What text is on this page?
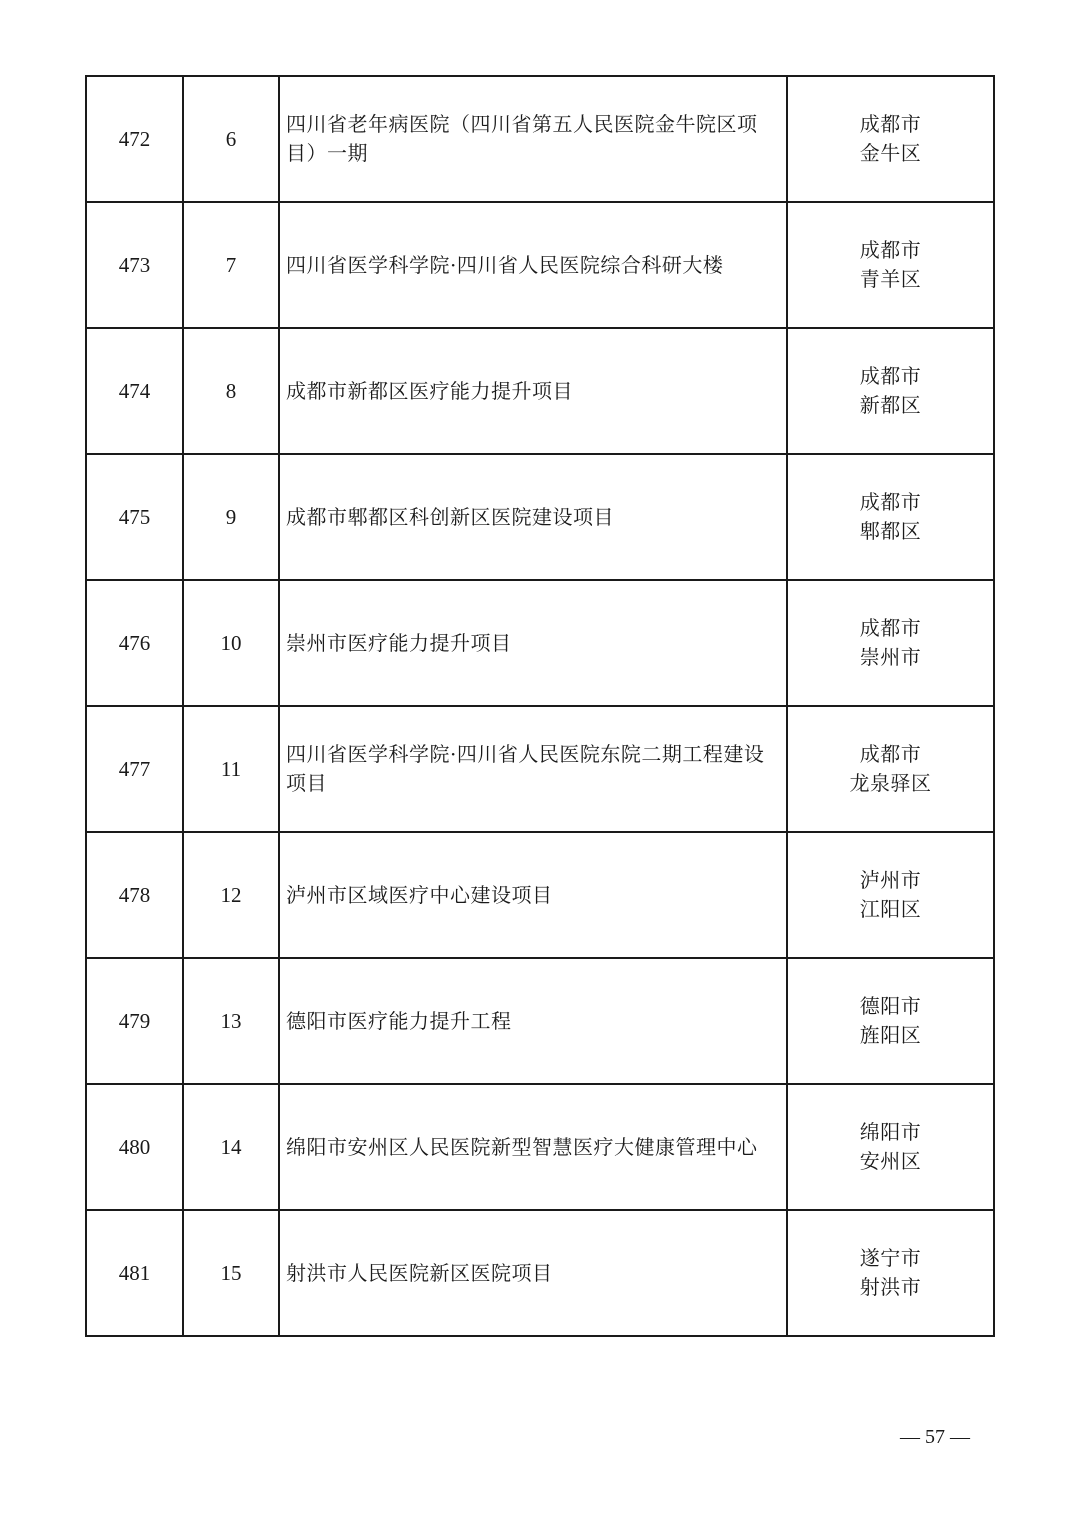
472	6	四川省老年病医院（四川省第五人民医院金牛院区项目）一期	成都市
金牛区

473	7	四川省医学科学院·四川省人民医院综合科研大楼	成都市
青羊区

474	8	成都市新都区医疗能力提升项目	成都市
新都区

475	9	成都市郫都区科创新区医院建设项目	成都市
郫都区

476	10	崇州市医疗能力提升项目	成都市
崇州市

477	11	四川省医学科学院·四川省人民医院东院二期工程建设项目	成都市
龙泉驿区

478	12	泸州市区域医疗中心建设项目	泸州市
江阳区

479	13	德阳市医疗能力提升工程	德阳市
旌阳区

480	14	绵阳市安州区人民医院新型智慧医疗大健康管理中心	绵阳市
安州区

481	15	射洪市人民医院新区医院项目	遂宁市
射洪市
— 57 —
